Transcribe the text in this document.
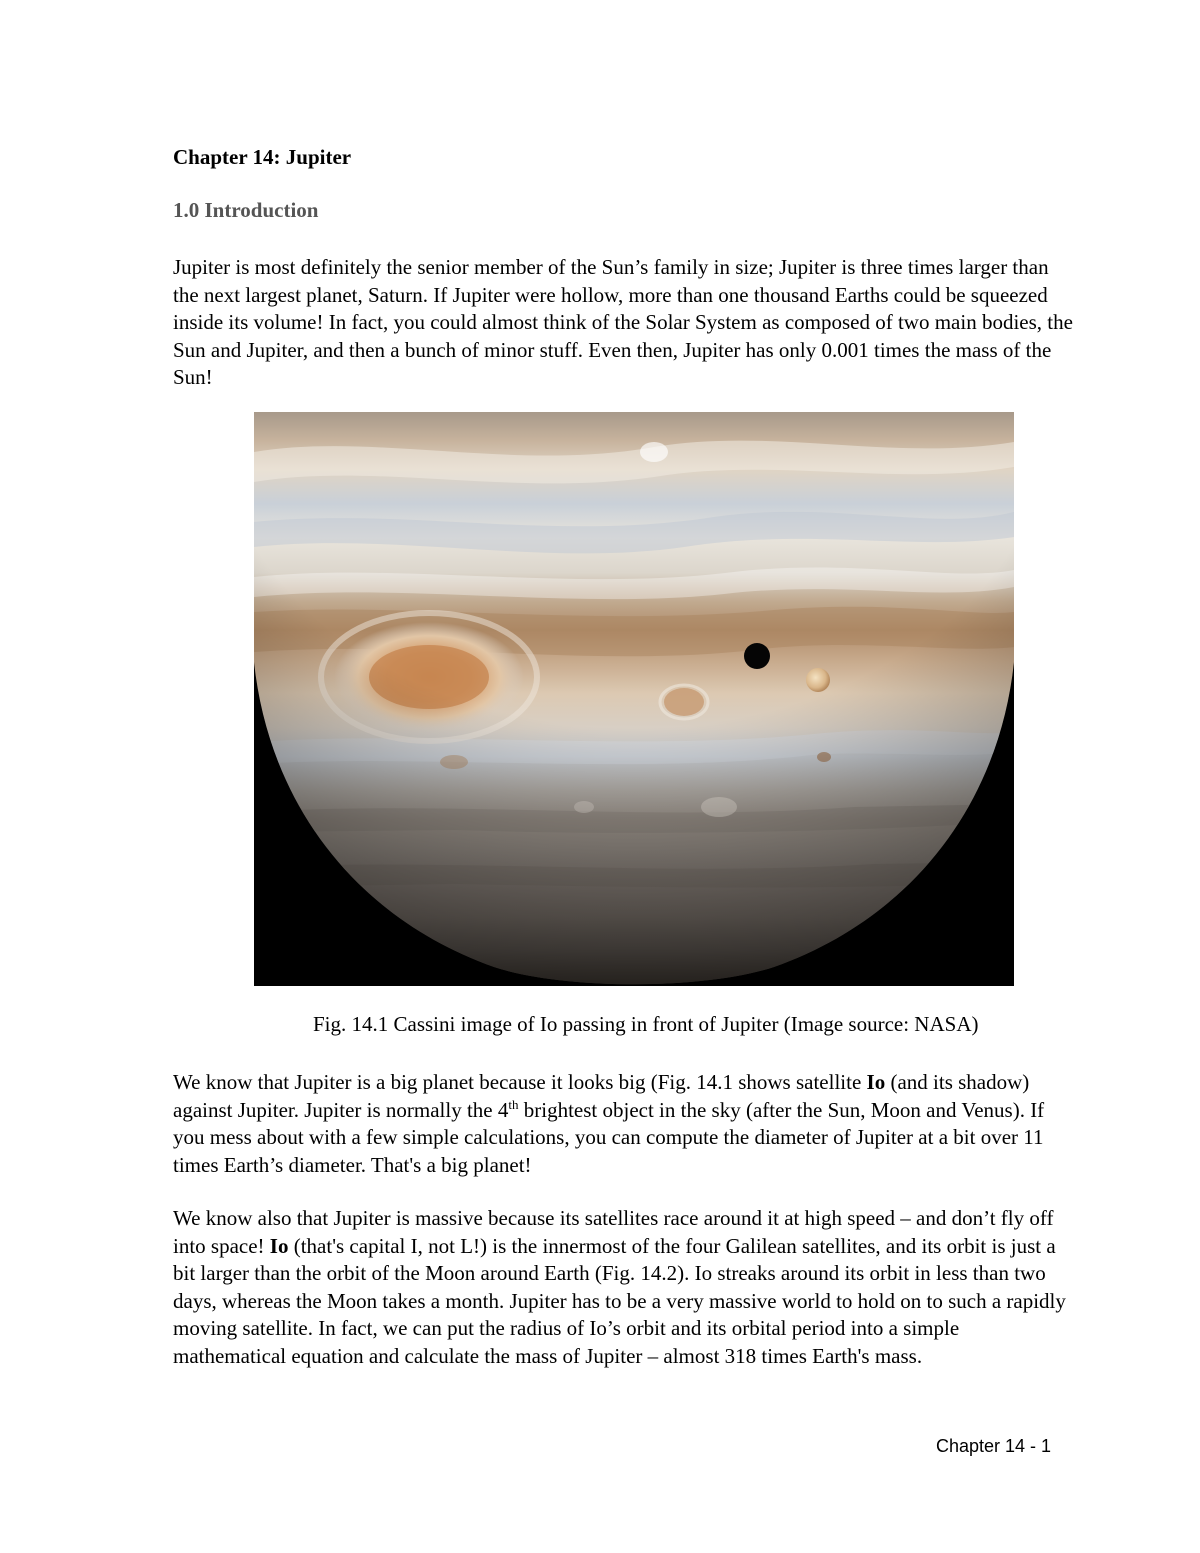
Chapter 14: Jupiter
1.0 Introduction

Jupiter is most definitely the senior member of the Sun’s family in size; Jupiter is three times larger than the next largest planet, Saturn. If Jupiter were hollow, more than one thousand Earths could be squeezed inside its volume! In fact, you could almost think of the Solar System as composed of two main bodies, the Sun and Jupiter, and then a bunch of minor stuff. Even then, Jupiter has only 0.001 times the mass of the Sun!

Fig. 14.1 Cassini image of Io passing in front of Jupiter (Image source: NASA)

We know that Jupiter is a big planet because it looks big (Fig. 14.1 shows satellite Io (and its shadow) against Jupiter. Jupiter is normally the 4th brightest object in the sky (after the Sun, Moon and Venus). If you mess about with a few simple calculations, you can compute the diameter of Jupiter at a bit over 11 times Earth’s diameter. That's a big planet!

We know also that Jupiter is massive because its satellites race around it at high speed – and don’t fly off into space! Io (that's capital I, not L!) is the innermost of the four Galilean satellites, and its orbit is just a bit larger than the orbit of the Moon around Earth (Fig. 14.2). Io streaks around its orbit in less than two days, whereas the Moon takes a month. Jupiter has to be a very massive world to hold on to such a rapidly moving satellite. In fact, we can put the radius of Io’s orbit and its orbital period into a simple mathematical equation and calculate the mass of Jupiter – almost 318 times Earth's mass.

Chapter 14 - 1
